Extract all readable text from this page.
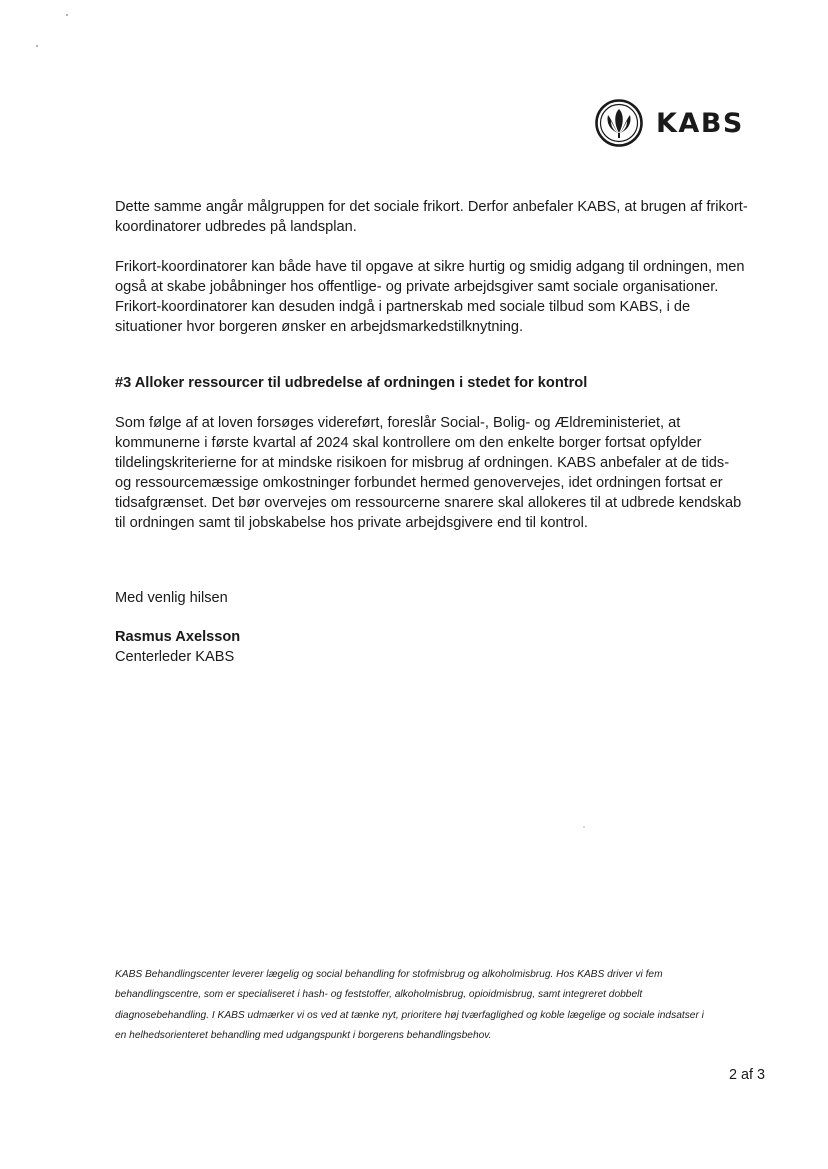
KABS
Dette samme angår målgruppen for det sociale frikort. Derfor anbefaler KABS, at brugen af frikort-
koordinatorer udbredes på landsplan.
Frikort-koordinatorer kan både have til opgave at sikre hurtig og smidig adgang til ordningen, men
også at skabe jobåbninger hos offentlige- og private arbejdsgiver samt sociale organisationer.
Frikort-koordinatorer kan desuden indgå i partnerskab med sociale tilbud som KABS, i de
situationer hvor borgeren ønsker en arbejdsmarkedstilknytning.
#3 Alloker ressourcer til udbredelse af ordningen i stedet for kontrol
Som følge af at loven forsøges videreført, foreslår Social-, Bolig- og Ældreministeriet, at
kommunerne i første kvartal af 2024 skal kontrollere om den enkelte borger fortsat opfylder
tildelingskriterierne for at mindske risikoen for misbrug af ordningen. KABS anbefaler at de tids-
og ressourcemæssige omkostninger forbundet hermed genovervejes, idet ordningen fortsat er
tidsafgrænset. Det bør overvejes om ressourcerne snarere skal allokeres til at udbrede kendskab
til ordningen samt til jobskabelse hos private arbejdsgivere end til kontrol.
Med venlig hilsen
Rasmus Axelsson
Centerleder KABS
KABS Behandlingscenter leverer lægelig og social behandling for stofmisbrug og alkoholmisbrug. Hos KABS driver vi fem
behandlingscentre, som er specialiseret i hash- og feststoffer, alkoholmisbrug, opioidmisbrug, samt integreret dobbelt
diagnosebehandling. I KABS udmærker vi os ved at tænke nyt, prioritere høj tværfaglighed og koble lægelige og sociale indsatser i
en helhedsorienteret behandling med udgangspunkt i borgerens behandlingsbehov.
2 af 3
